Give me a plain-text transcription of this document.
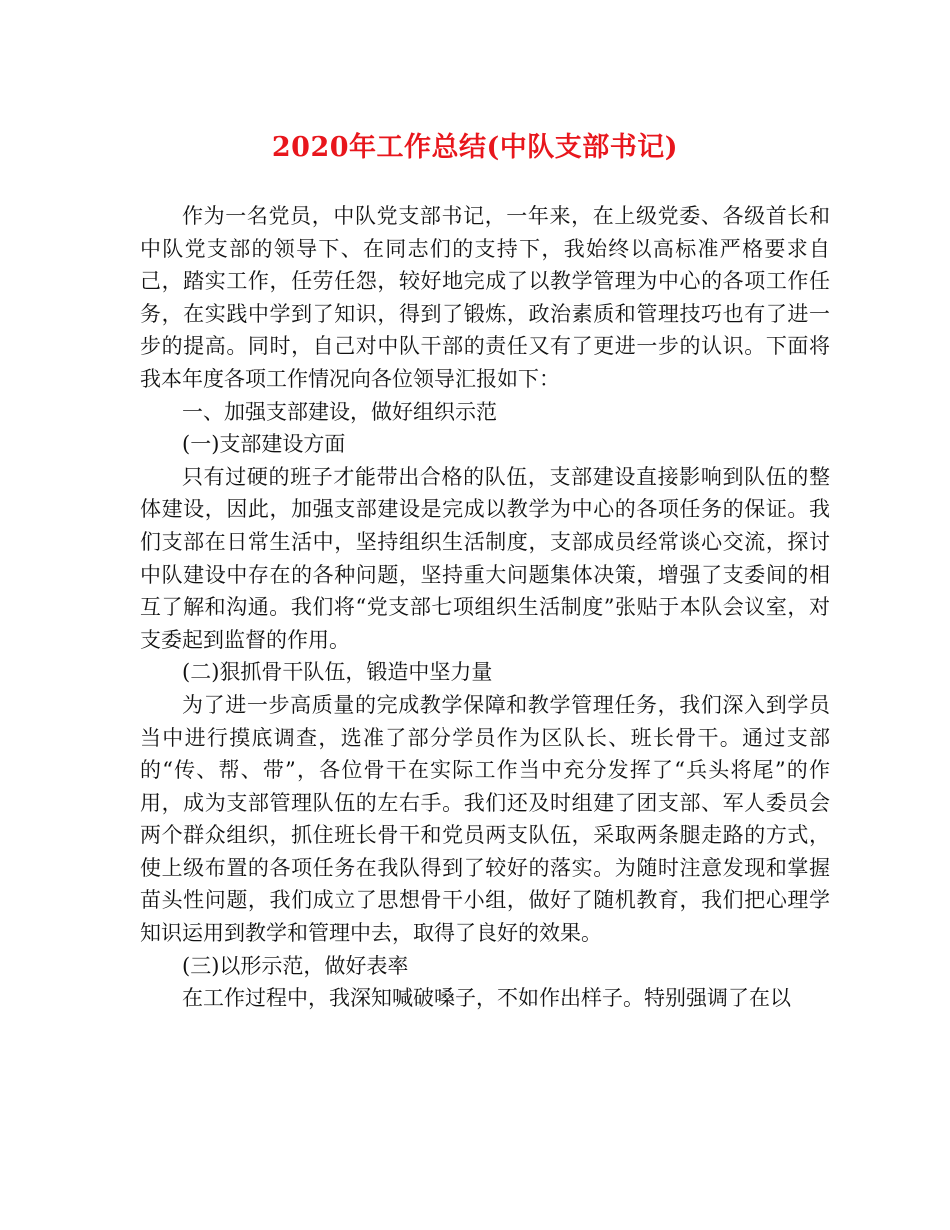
2020年工作总结(中队支部书记)

作为一名党员，中队党支部书记，一年来，在上级党委、各级首长和中队党支部的领导下、在同志们的支持下，我始终以高标准严格要求自己，踏实工作，任劳任怨，较好地完成了以教学管理为中心的各项工作任务，在实践中学到了知识，得到了锻炼，政治素质和管理技巧也有了进一步的提高。同时，自己对中队干部的责任又有了更进一步的认识。下面将我本年度各项工作情况向各位领导汇报如下：

一、加强支部建设，做好组织示范

(一)支部建设方面

只有过硬的班子才能带出合格的队伍，支部建设直接影响到队伍的整体建设，因此，加强支部建设是完成以教学为中心的各项任务的保证。我们支部在日常生活中，坚持组织生活制度，支部成员经常谈心交流，探讨中队建设中存在的各种问题，坚持重大问题集体决策，增强了支委间的相互了解和沟通。我们将“党支部七项组织生活制度”张贴于本队会议室，对支委起到监督的作用。

(二)狠抓骨干队伍，锻造中坚力量

为了进一步高质量的完成教学保障和教学管理任务，我们深入到学员当中进行摸底调查，选准了部分学员作为区队长、班长骨干。通过支部的“传、帮、带”，各位骨干在实际工作当中充分发挥了“兵头将尾”的作用，成为支部管理队伍的左右手。我们还及时组建了团支部、军人委员会两个群众组织，抓住班长骨干和党员两支队伍，采取两条腿走路的方式，使上级布置的各项任务在我队得到了较好的落实。为随时注意发现和掌握苗头性问题，我们成立了思想骨干小组，做好了随机教育，我们把心理学知识运用到教学和管理中去，取得了良好的效果。

(三)以形示范，做好表率

在工作过程中，我深知喊破嗓子，不如作出样子。特别强调了在以
